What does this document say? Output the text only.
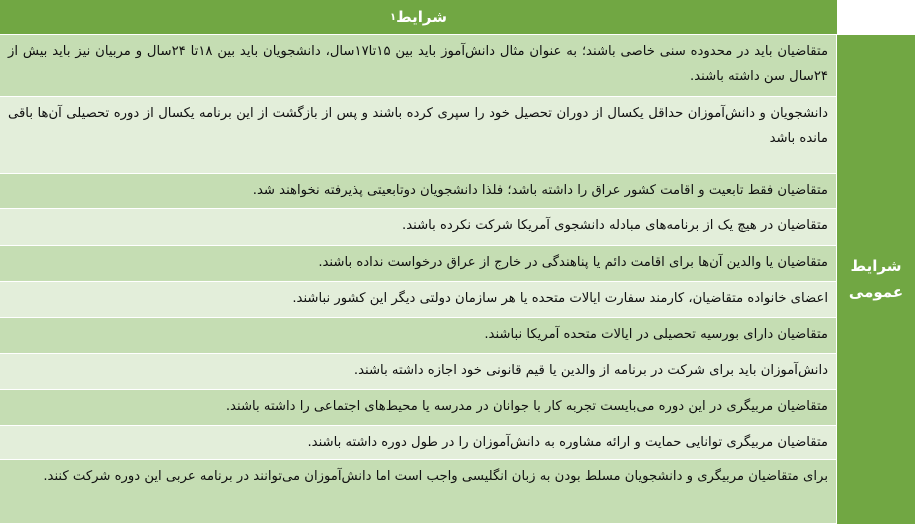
شرایط
۱
شرایط
عمومی
متقاضیان باید در محدوده سنی خاصی باشند؛ به عنوان مثال دانش‌آموز باید بین ۱۵تا۱۷سال، دانشجویان باید بین ۱۸تا ۲۴سال و مربیان نیز باید بیش از ۲۴سال سن داشته باشند.
دانشجویان و دانش‌آموزان حداقل یکسال از دوران تحصیل خود را سپری کرده باشند و پس از بازگشت از این برنامه یکسال از دوره تحصیلی آن‌ها باقی مانده باشد
متقاضیان فقط تابعیت و اقامت کشور عراق را داشته باشد؛ فلذا دانشجویان دوتابعیتی پذیرفته نخواهند شد.
متقاضیان در هیچ یک از برنامه‌های مبادله دانشجوی آمریکا شرکت نکرده باشند.
متقاضیان یا والدین آن‌ها برای اقامت دائم یا پناهندگی در خارج از عراق درخواست نداده باشند.
اعضای خانواده متقاضیان، کارمند سفارت ایالات متحده یا هر سازمان دولتی دیگر این کشور نباشند.
متقاضیان دارای بورسیه تحصیلی در ایالات متحده آمریکا نباشند.
دانش‌آموزان باید برای شرکت در برنامه از والدین یا قیم قانونی خود اجازه داشته باشند.
متقاضیان مربیگری در این دوره می‌بایست تجربه کار با جوانان در مدرسه یا محیط‌های اجتماعی را داشته باشند.
متقاضیان مربیگری توانایی حمایت و ارائه مشاوره به دانش‌آموزان را در طول دوره داشته باشند.
برای متقاضیان مربیگری و دانشجویان مسلط بودن به زبان انگلیسی واجب است اما دانش‌آموزان می‌توانند در برنامه عربی این دوره شرکت کنند.
